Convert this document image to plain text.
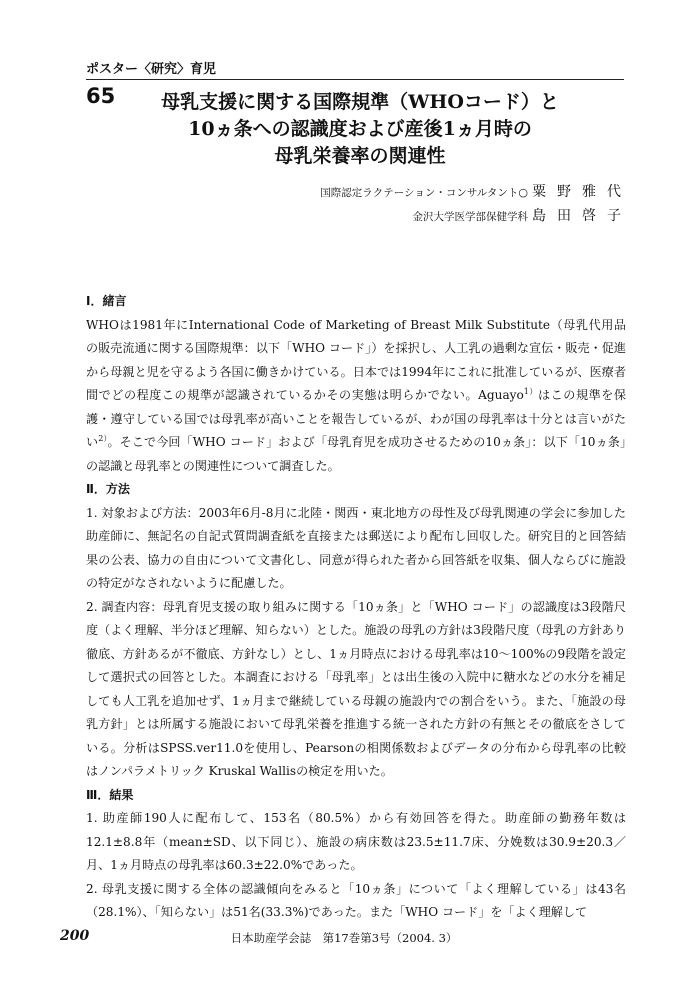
ポスター〈研究〉育児
65	母乳支援に関する国際規準（WHOコード）と
10ヵ条への認識度および産後1ヵ月時の
母乳栄養率の関連性
国際認定ラクテーション・コンサルタント○ 粟野雅代
金沢大学医学部保健学科 島田啓子

Ⅰ．緒言

WHOは1981年にInternational Code of Marketing of Breast Milk Substitute（母乳代用品の販売流通に関する国際規準：以下「WHO コード」）を採択し、人工乳の過剰な宣伝・販売・促進から母親と児を守るよう各国に働きかけている。日本では1994年にこれに批准しているが、医療者間でどの程度この規準が認識されているかその実態は明らかでない。Aguayo$^{1)}$はこの規準を保護・遵守している国では母乳率が高いことを報告しているが、わが国の母乳率は十分とは言いがたい$^{2)}$。そこで今回「WHO コード」および「母乳育児を成功させるための10ヵ条」：以下「10ヵ条」の認識と母乳率との関連性について調査した。

Ⅱ．方法

1. 対象および方法：2003年6月-8月に北陸・関西・東北地方の母性及び母乳関連の学会に参加した助産師に、無記名の自記式質問調査紙を直接または郵送により配布し回収した。研究目的と回答結果の公表、協力の自由について文書化し、同意が得られた者から回答紙を収集、個人ならびに施設の特定がなされないように配慮した。

2. 調査内容：母乳育児支援の取り組みに関する「10ヵ条」と「WHO コード」の認識度は3段階尺度（よく理解、半分ほど理解、知らない）とした。施設の母乳の方針は3段階尺度（母乳の方針あり徹底、方針あるが不徹底、方針なし）とし、1ヵ月時点における母乳率は10〜100%の9段階を設定して選択式の回答とした。本調査における「母乳率」とは出生後の入院中に糖水などの水分を補足しても人工乳を追加せず、1ヵ月まで継続している母親の施設内での割合をいう。また、「施設の母乳方針」とは所属する施設において母乳栄養を推進する統一された方針の有無とその徹底をさしている。分析はSPSS.ver11.0を使用し、Pearsonの相関係数およびデータの分布から母乳率の比較はノンパラメトリック Kruskal Wallisの検定を用いた。

Ⅲ．結果

1. 助産師190人に配布して、153名（80.5%）から有効回答を得た。助産師の勤務年数は12.1±8.8年（mean±SD、以下同じ）、施設の病床数は23.5±11.7床、分娩数は30.9±20.3／月、1ヵ月時点の母乳率は60.3±22.0%であった。

2. 母乳支援に関する全体の認識傾向をみると「10ヵ条」について「よく理解している」は43名（28.1%）、「知らない」は51名(33.3%)であった。また「WHO コード」を「よく理解して

200	日本助産学会誌　第17巻第3号（2004. 3）
